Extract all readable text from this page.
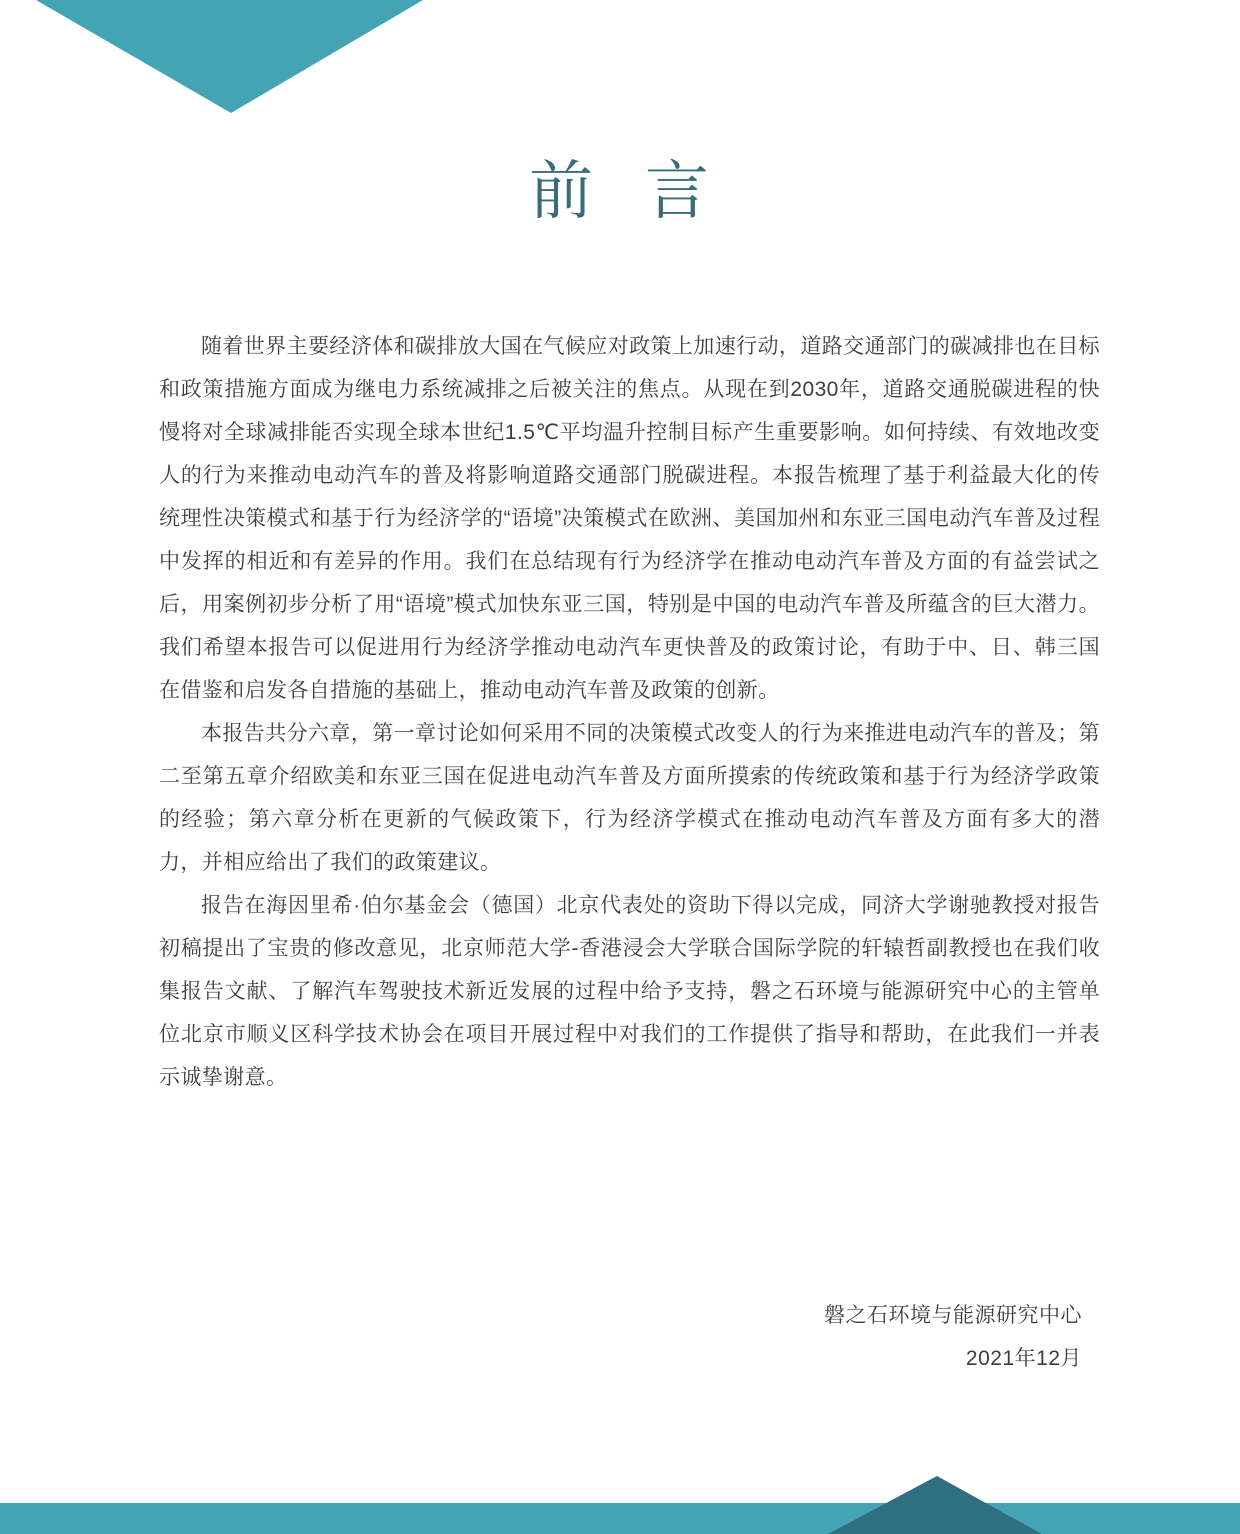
前 言

随着世界主要经济体和碳排放大国在气候应对政策上加速行动，道路交通部门的碳减排也在目标和政策措施方面成为继电力系统减排之后被关注的焦点。从现在到2030年，道路交通脱碳进程的快慢将对全球减排能否实现全球本世纪1.5℃平均温升控制目标产生重要影响。如何持续、有效地改变人的行为来推动电动汽车的普及将影响道路交通部门脱碳进程。本报告梳理了基于利益最大化的传统理性决策模式和基于行为经济学的“语境”决策模式在欧洲、美国加州和东亚三国电动汽车普及过程中发挥的相近和有差异的作用。我们在总结现有行为经济学在推动电动汽车普及方面的有益尝试之后，用案例初步分析了用“语境”模式加快东亚三国，特别是中国的电动汽车普及所蕴含的巨大潜力。我们希望本报告可以促进用行为经济学推动电动汽车更快普及的政策讨论，有助于中、日、韩三国在借鉴和启发各自措施的基础上，推动电动汽车普及政策的创新。

本报告共分六章，第一章讨论如何采用不同的决策模式改变人的行为来推进电动汽车的普及；第二至第五章介绍欧美和东亚三国在促进电动汽车普及方面所摸索的传统政策和基于行为经济学政策的经验；第六章分析在更新的气候政策下，行为经济学模式在推动电动汽车普及方面有多大的潜力，并相应给出了我们的政策建议。

报告在海因里希·伯尔基金会（德国）北京代表处的资助下得以完成，同济大学谢驰教授对报告初稿提出了宝贵的修改意见，北京师范大学-香港浸会大学联合国际学院的轩辕哲副教授也在我们收集报告文献、了解汽车驾驶技术新近发展的过程中给予支持，磐之石环境与能源研究中心的主管单位北京市顺义区科学技术协会在项目开展过程中对我们的工作提供了指导和帮助，在此我们一并表示诚挚谢意。

磐之石环境与能源研究中心
2021年12月
